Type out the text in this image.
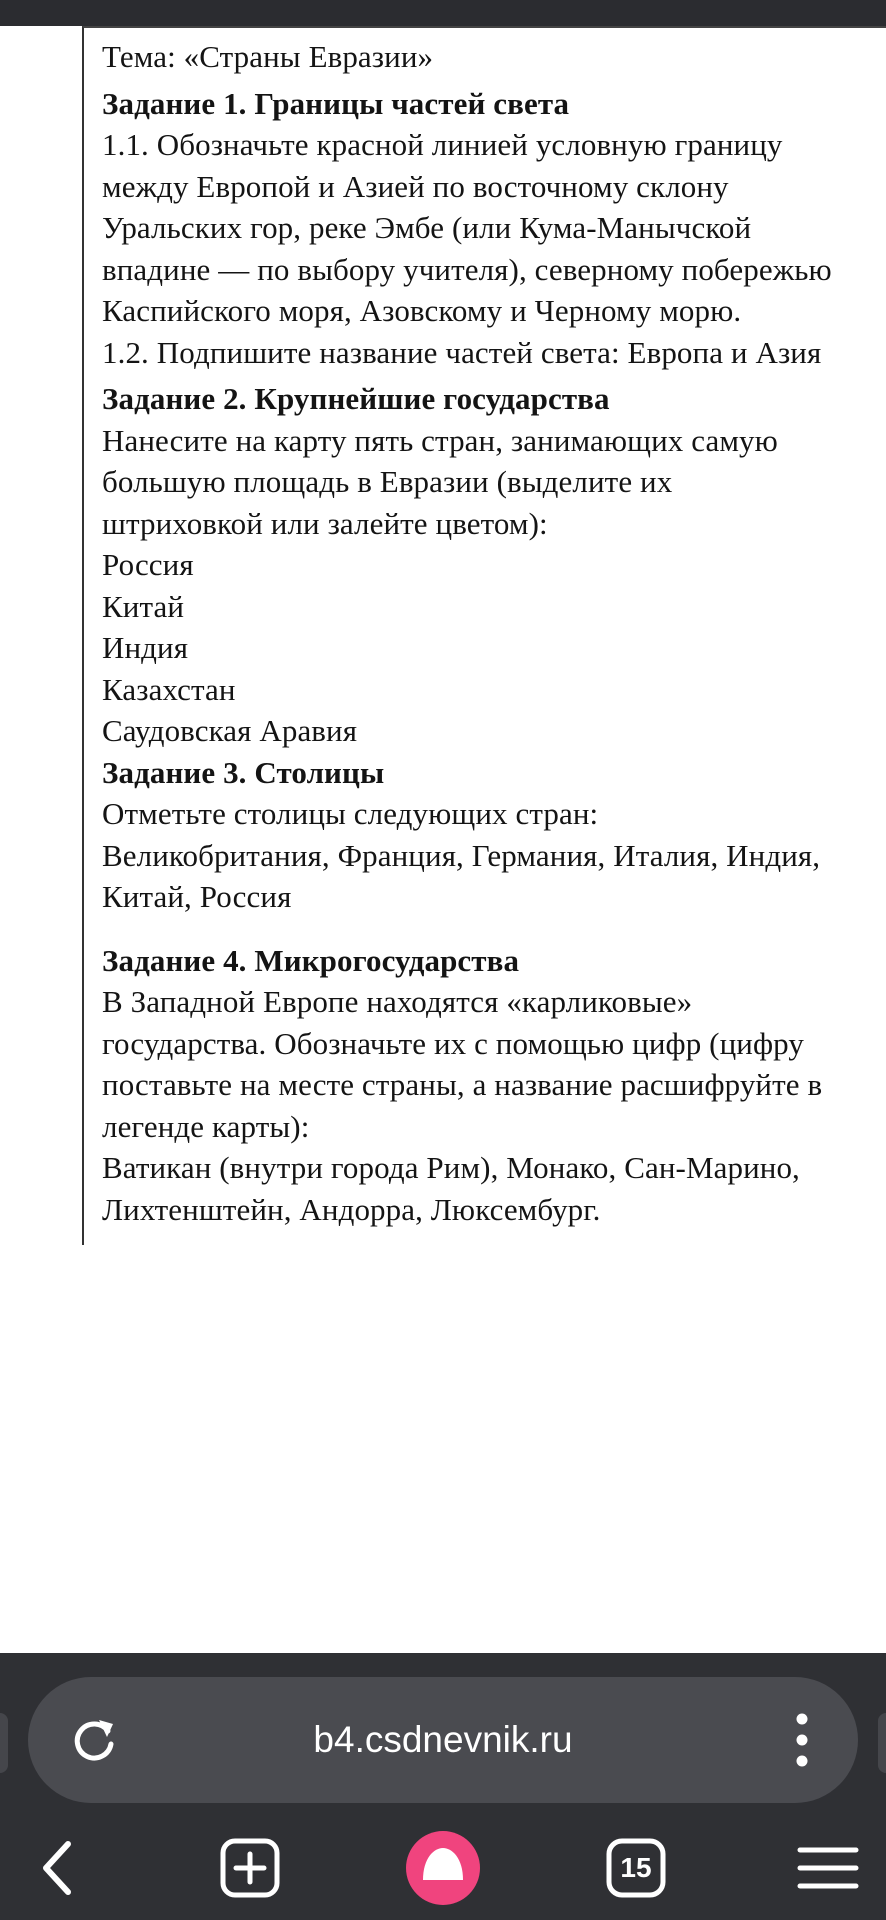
Тема: «Страны Евразии»
Задание 1. Границы частей света
1.1. Обозначьте красной линией условную границу
между Европой и Азией по восточному склону
Уральских гор, реке Эмбе (или Кума-Манычской
впадине — по выбору учителя), северному побережью
Каспийского моря, Азовскому и Черному морю.
1.2. Подпишите название частей света: Европа и Азия
Задание 2. Крупнейшие государства
Нанесите на карту пять стран, занимающих самую
большую площадь в Евразии (выделите их
штриховкой или залейте цветом):
Россия
Китай
Индия
Казахстан
Саудовская Аравия
Задание 3. Столицы
Отметьте столицы следующих стран:
Великобритания, Франция, Германия, Италия, Индия,
Китай, Россия
Задание 4. Микрогосударства
В Западной Европе находятся «карликовые»
государства. Обозначьте их с помощью цифр (цифру
поставьте на месте страны, а название расшифруйте в
легенде карты):
Ватикан (внутри города Рим), Монако, Сан-Марино,
Лихтенштейн, Андорра, Люксембург.
b4.csdnevnik.ru
15
